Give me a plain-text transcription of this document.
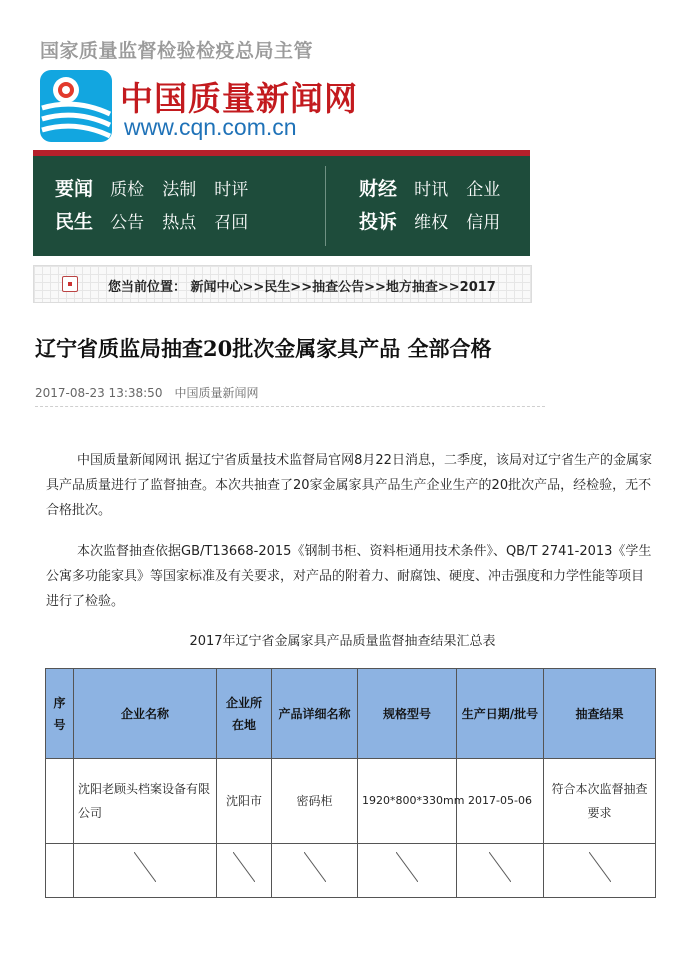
国家质量监督检验检疫总局主管
中国质量新闻网
www.cqn.com.cn
要闻 质检 法制 时评
民生 公告 热点 召回
财经 时讯 企业
投诉 维权 信用
您当前位置： 新闻中心>>民生>>抽查公告>>地方抽查>>2017
辽宁省质监局抽查20批次金属家具产品 全部合格
2017-08-23 13:38:50 中国质量新闻网
中国质量新闻网讯 据辽宁省质量技术监督局官网8月22日消息，二季度，该局对辽宁省生产的金属家具产品质量进行了监督抽查。本次共抽查了20家金属家具产品生产企业生产的20批次产品，经检验，无不合格批次。
本次监督抽查依据GB/T13668-2015《钢制书柜、资料柜通用技术条件》、QB/T 2741-2013《学生公寓多功能家具》等国家标准及有关要求，对产品的附着力、耐腐蚀、硬度、冲击强度和力学性能等项目进行了检验。
2017年辽宁省金属家具产品质量监督抽查结果汇总表
序号	企业名称	企业所在地	产品详细名称	规格型号	生产日期/批号	抽查结果
	沈阳老顾头档案设备有限公司	沈阳市	密码柜	1920*800*330mm	2017-05-06	符合本次监督抽查要求
